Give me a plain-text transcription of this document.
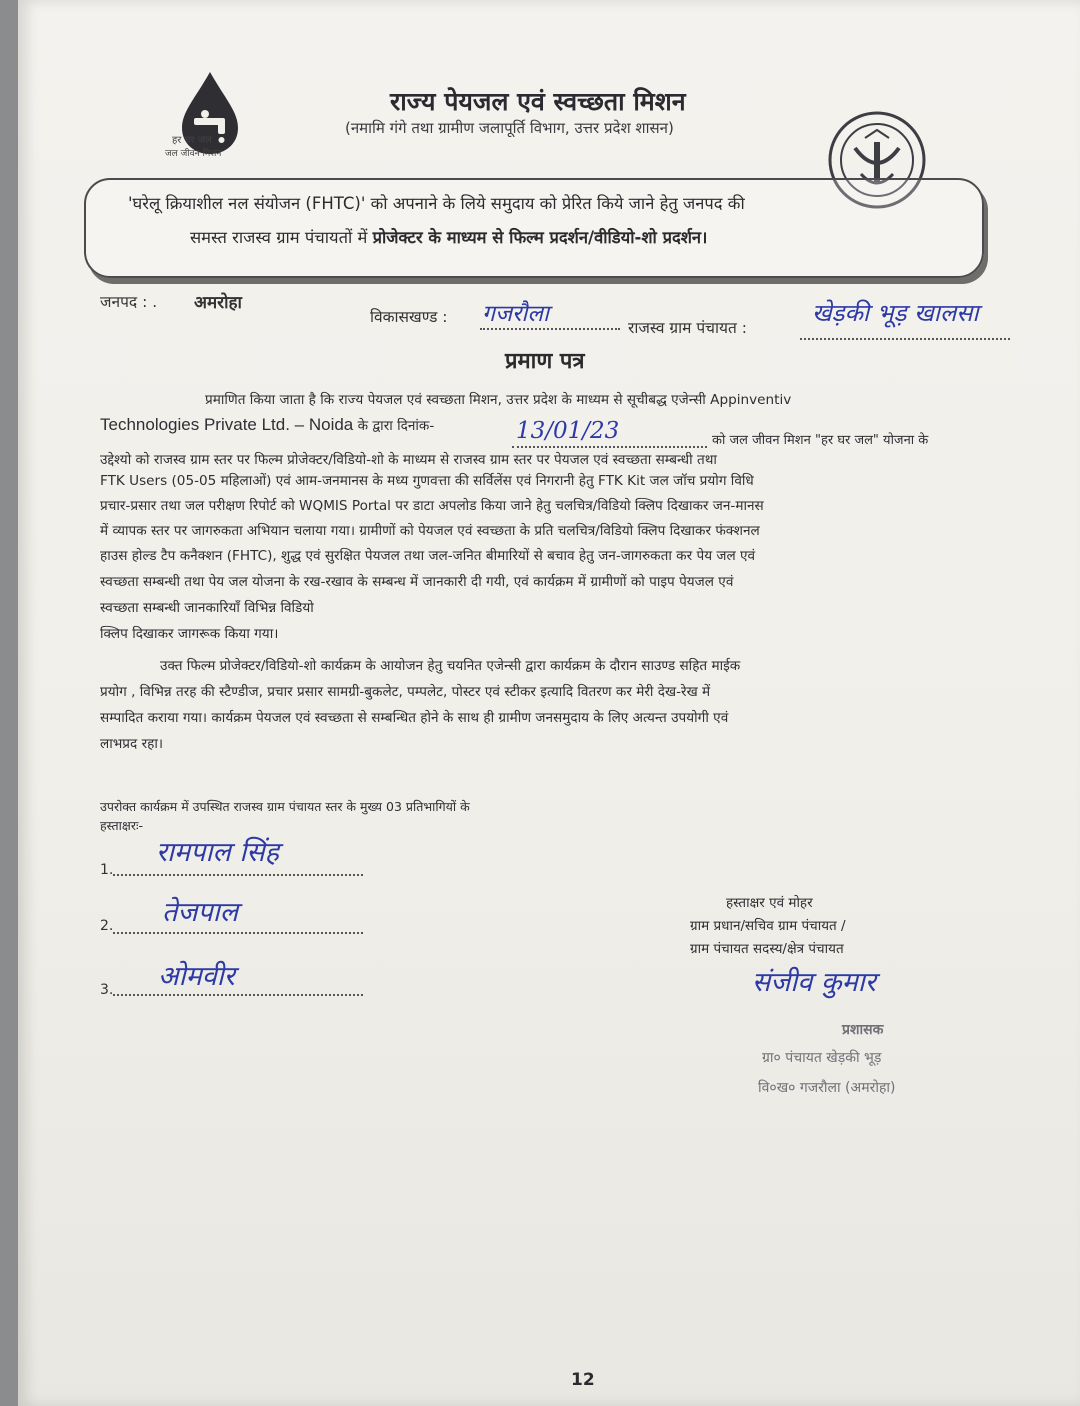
हर घर जल
जल जीवन मिशन
राज्य पेयजल एवं स्वच्छता मिशन
(नमामि गंगे तथा ग्रामीण जलापूर्ति विभाग, उत्तर प्रदेश शासन)
'घरेलू क्रियाशील नल संयोजन (FHTC)' को अपनाने के लिये समुदाय को प्रेरित किये जाने हेतु जनपद की
समस्त राजस्व ग्राम पंचायतों में प्रोजेक्टर के माध्यम से फिल्म प्रदर्शन/वीडियो-शो प्रदर्शन।
जनपद : . अमरोहा
विकासखण्ड : गजरौला
राजस्व ग्राम पंचायत :
खेड़की भूड़ खालसा
प्रमाण पत्र
प्रमाणित किया जाता है कि राज्य पेयजल एवं स्वच्छता मिशन, उत्तर प्रदेश के माध्यम से सूचीबद्ध एजेन्सी Appinventiv
Technologies Private Ltd. – Noida के द्वारा दिनांक-	13/01/23	को जल जीवन मिशन "हर घर जल" योजना के
उद्देश्यो को राजस्व ग्राम स्तर पर फिल्म प्रोजेक्टर/विडियो-शो के माध्यम से राजस्व ग्राम स्तर पर पेयजल एवं स्वच्छता सम्बन्धी तथा
FTK Users (05-05 महिलाओं) एवं आम-जनमानस के मध्य गुणवत्ता की सर्विलेंस एवं निगरानी हेतु FTK Kit जल जॉच प्रयोग विधि
प्रचार-प्रसार तथा जल परीक्षण रिपोर्ट को WQMIS Portal पर डाटा अपलोड किया जाने हेतु चलचित्र/विडियो क्लिप दिखाकर जन-मानस
में व्यापक स्तर पर जागरुकता अभियान चलाया गया। ग्रामीणों को पेयजल एवं स्वच्छता के प्रति चलचित्र/विडियो क्लिप दिखाकर फंक्शनल
हाउस होल्ड टैप कनैक्शन (FHTC), शुद्ध एवं सुरक्षित पेयजल तथा जल-जनित बीमारियों से बचाव हेतु जन-जागरुकता कर पेय जल एवं
स्वच्छता सम्बन्धी तथा पेय जल योजना के रख-रखाव के सम्बन्ध में जानकारी दी गयी, एवं कार्यक्रम में ग्रामीणों को पाइप पेयजल एवं
स्वच्छता सम्बन्धी जानकारियाँ विभिन्न विडियो
क्लिप दिखाकर जागरूक किया गया।
उक्त फिल्म प्रोजेक्टर/विडियो-शो कार्यक्रम के आयोजन हेतु चयनित एजेन्सी द्वारा कार्यक्रम के दौरान साउण्ड सहित माईक
प्रयोग , विभिन्न तरह की स्टैण्डीज, प्रचार प्रसार सामग्री-बुकलेट, पम्पलेट, पोस्टर एवं स्टीकर इत्यादि वितरण कर मेरी देख-रेख में
सम्पादित कराया गया। कार्यक्रम पेयजल एवं स्वच्छता से सम्बन्धित होने के साथ ही ग्रामीण जनसमुदाय के लिए अत्यन्त उपयोगी एवं
लाभप्रद रहा।
उपरोक्त कार्यक्रम में उपस्थित राजस्व ग्राम पंचायत स्तर के मुख्य 03 प्रतिभागियों के
हस्ताक्षरः-
1.
रामपाल सिंह
2. तेजपाल
3. ओमवीर
हस्ताक्षर एवं मोहर
ग्राम प्रधान/सचिव ग्राम पंचायत /
ग्राम पंचायत सदस्य/क्षेत्र पंचायत
संजीव कुमार
प्रशासक
ग्रा० पंचायत खेड़की भूड़
वि०ख० गजरौला (अमरोहा)
12
